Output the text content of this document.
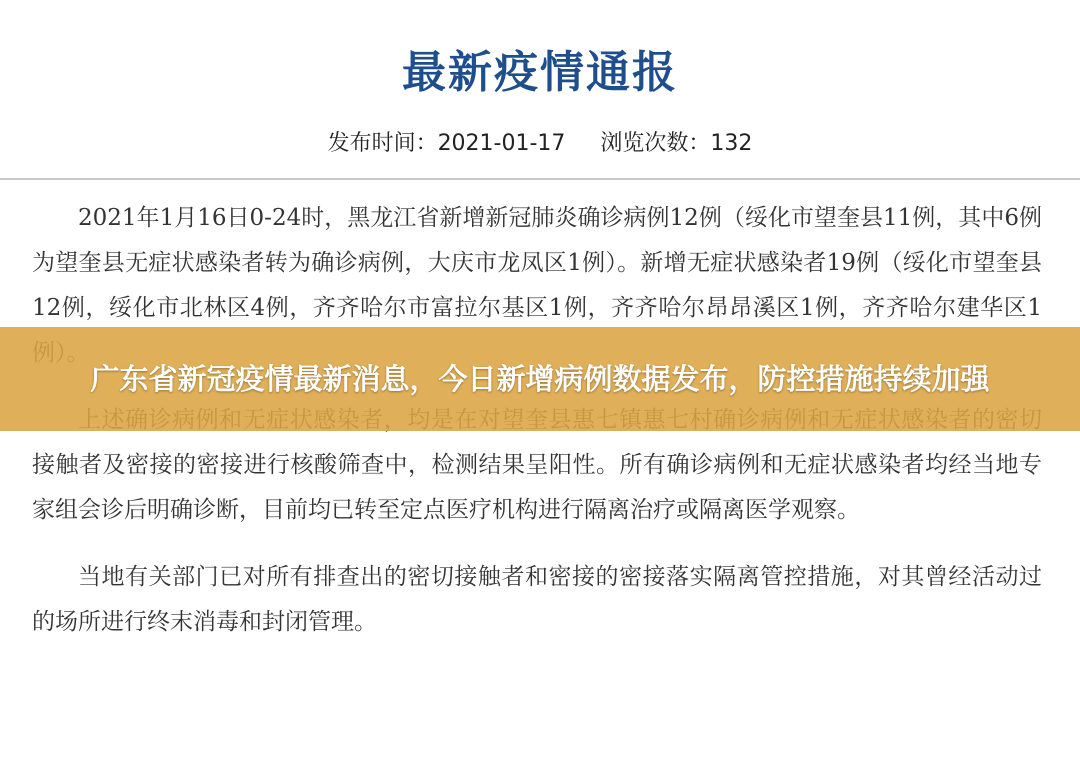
最新疫情通报
发布时间：2021-01-17 浏览次数：132

2021年1月16日0-24时，黑龙江省新增新冠肺炎确诊病例12例（绥化市望奎县11例，其中6例为望奎县无症状感染者转为确诊病例，大庆市龙凤区1例）。新增无症状感染者19例（绥化市望奎县12例，绥化市北林区4例，齐齐哈尔市富拉尔基区1例，齐齐哈尔昂昂溪区1例，齐齐哈尔建华区1

接触者及密接的密接进行核酸筛查中，检测结果呈阳性。所有确诊病例和无症状感染者均经当地专家组会诊后明确诊断，目前均已转至定点医疗机构进行隔离治疗或隔离医学观察。

当地有关部门已对所有排查出的密切接触者和密接的密接落实隔离管控措施，对其曾经活动过的场所进行终末消毒和封闭管理。

广东省新冠疫情最新消息，今日新增病例数据发布，防控措施持续加强
